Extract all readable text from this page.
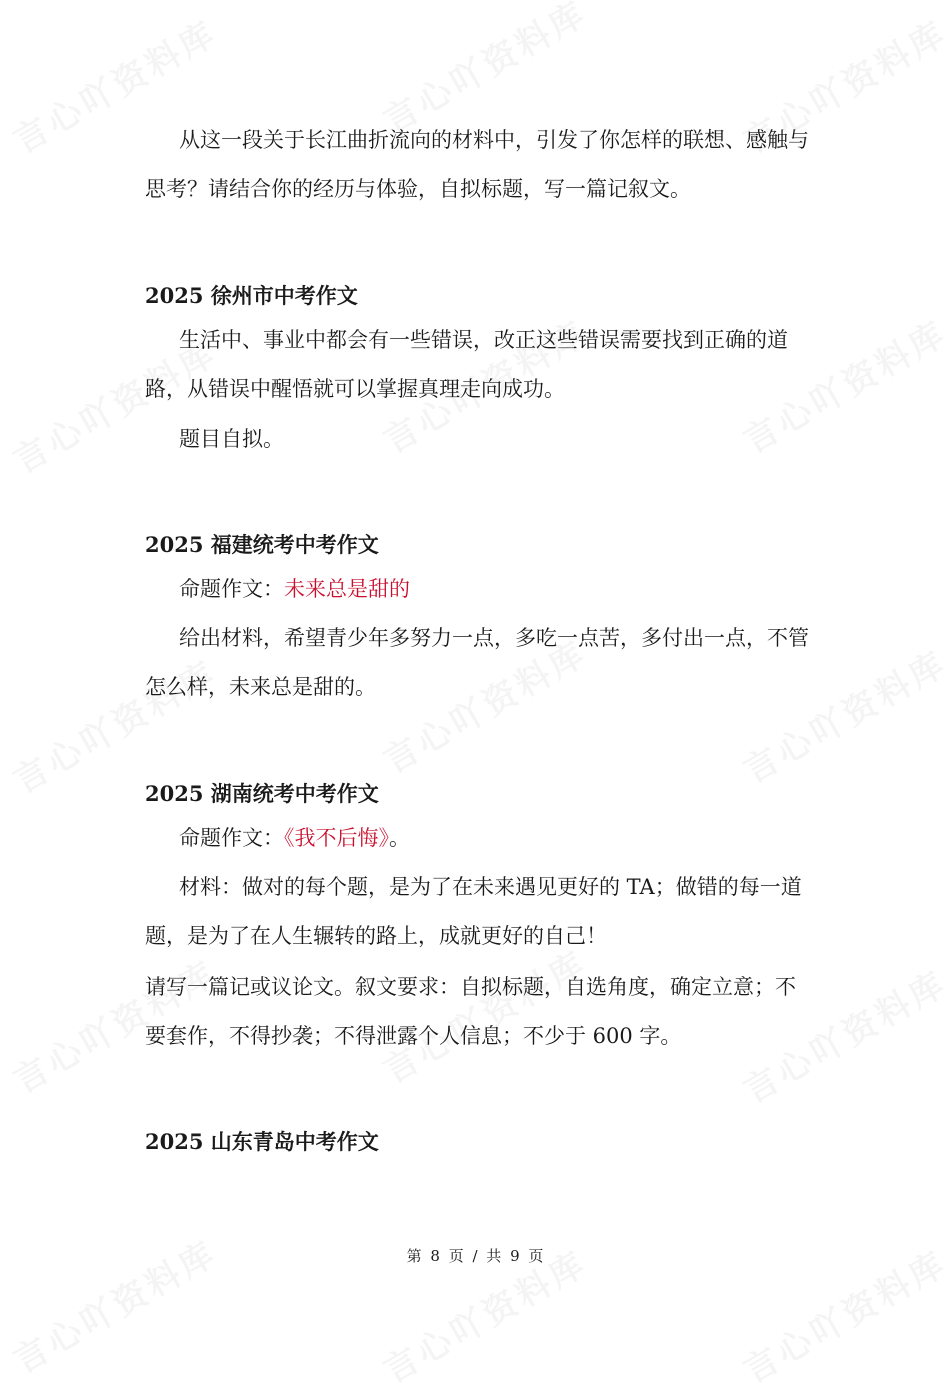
从这一段关于长江曲折流向的材料中，引发了你怎样的联想、感触与思考？请结合你的经历与体验，自拟标题，写一篇记叙文。

2025 徐州市中考作文

生活中、事业中都会有一些错误，改正这些错误需要找到正确的道路，从错误中醒悟就可以掌握真理走向成功。

题目自拟。

2025 福建统考中考作文

命题作文：未来总是甜的

给出材料，希望青少年多努力一点，多吃一点苦，多付出一点，不管怎么样，未来总是甜的。

2025 湖南统考中考作文

命题作文：《我不后悔》。

材料：做对的每个题，是为了在未来遇见更好的 TA；做错的每一道题，是为了在人生辗转的路上，成就更好的自己！

请写一篇记或议论文。叙文要求：自拟标题，自选角度，确定立意；不要套作，不得抄袭；不得泄露个人信息；不少于 600 字。

2025 山东青岛中考作文

第 8 页 / 共 9 页
